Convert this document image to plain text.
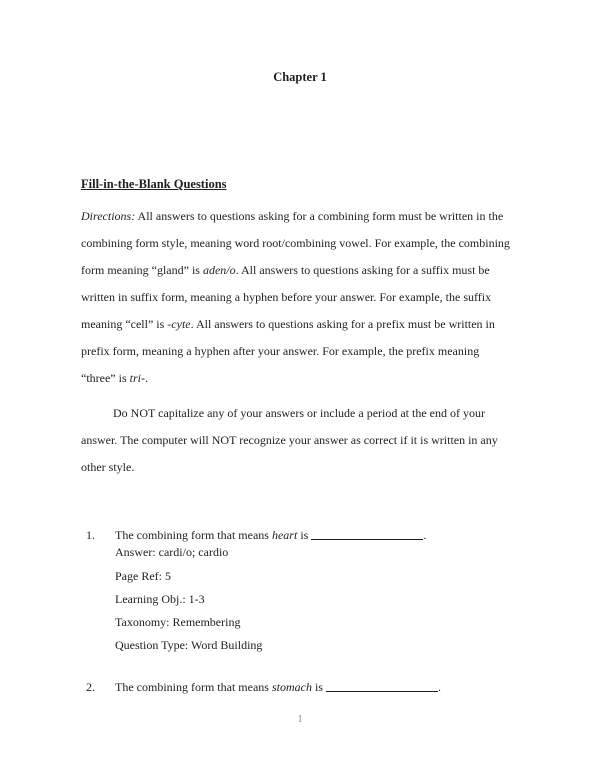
Chapter 1
Fill-in-the-Blank Questions

Directions: All answers to questions asking for a combining form must be written in the combining form style, meaning word root/combining vowel. For example, the combining form meaning “gland” is aden/o. All answers to questions asking for a suffix must be written in suffix form, meaning a hyphen before your answer. For example, the suffix meaning “cell” is -cyte. All answers to questions asking for a prefix must be written in prefix form, meaning a hyphen after your answer. For example, the prefix meaning “three” is tri-.

Do NOT capitalize any of your answers or include a period at the end of your answer. The computer will NOT recognize your answer as correct if it is written in any other style.

1.	The combining form that means heart is	.
Answer: cardi/o; cardio
Page Ref: 5
Learning Obj.: 1-3
Taxonomy: Remembering
Question Type: Word Building
2.	The combining form that means stomach is	.
1
